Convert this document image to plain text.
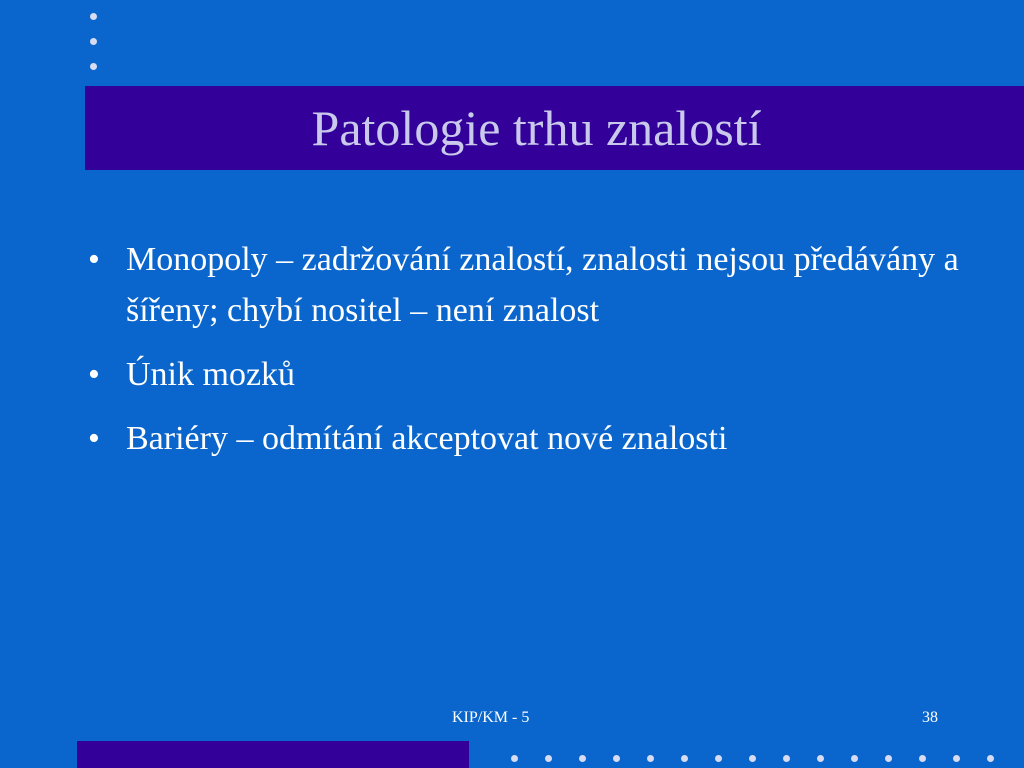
Patologie trhu znalostí
• Monopoly – zadržování znalostí, znalosti nejsou předávány a šířeny; chybí nositel – není znalost
• Únik mozků
• Bariéry – odmítání akceptovat nové znalosti
KIP/KM - 5	38
